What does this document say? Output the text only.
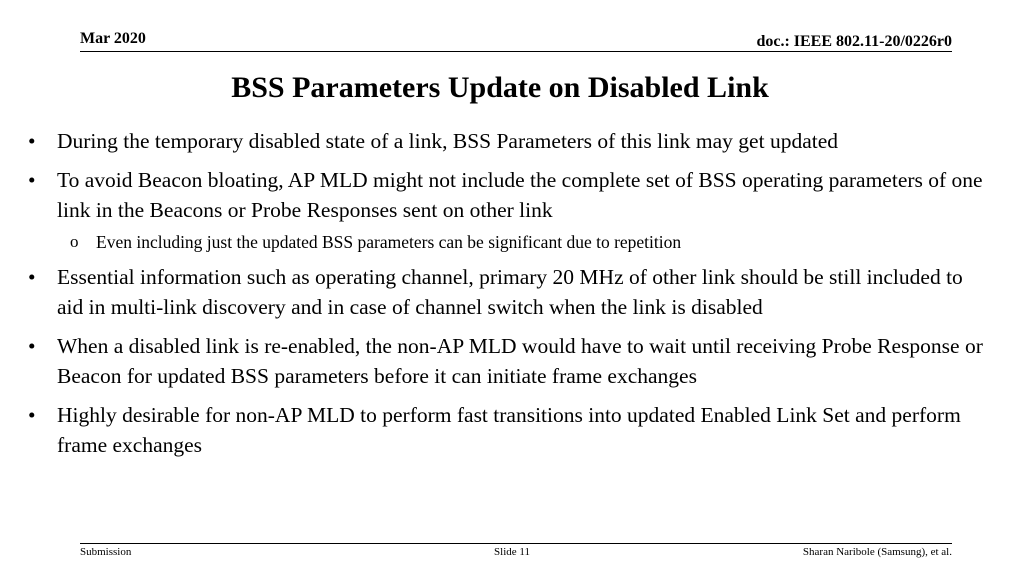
Mar 2020	doc.: IEEE 802.11-20/0226r0
BSS Parameters Update on Disabled Link
• During the temporary disabled state of a link, BSS Parameters of this link may get updated
• To avoid Beacon bloating, AP MLD might not include the complete set of BSS operating parameters of one link in the Beacons or Probe Responses sent on other link
o Even including just the updated BSS parameters can be significant due to repetition
• Essential information such as operating channel, primary 20 MHz of other link should be still included to aid in multi-link discovery and in case of channel switch when the link is disabled
• When a disabled link is re-enabled, the non-AP MLD would have to wait until receiving Probe Response or Beacon for updated BSS parameters before it can initiate frame exchanges
• Highly desirable for non-AP MLD to perform fast transitions into updated Enabled Link Set and perform frame exchanges
Submission	Slide 11	Sharan Naribole (Samsung), et al.
